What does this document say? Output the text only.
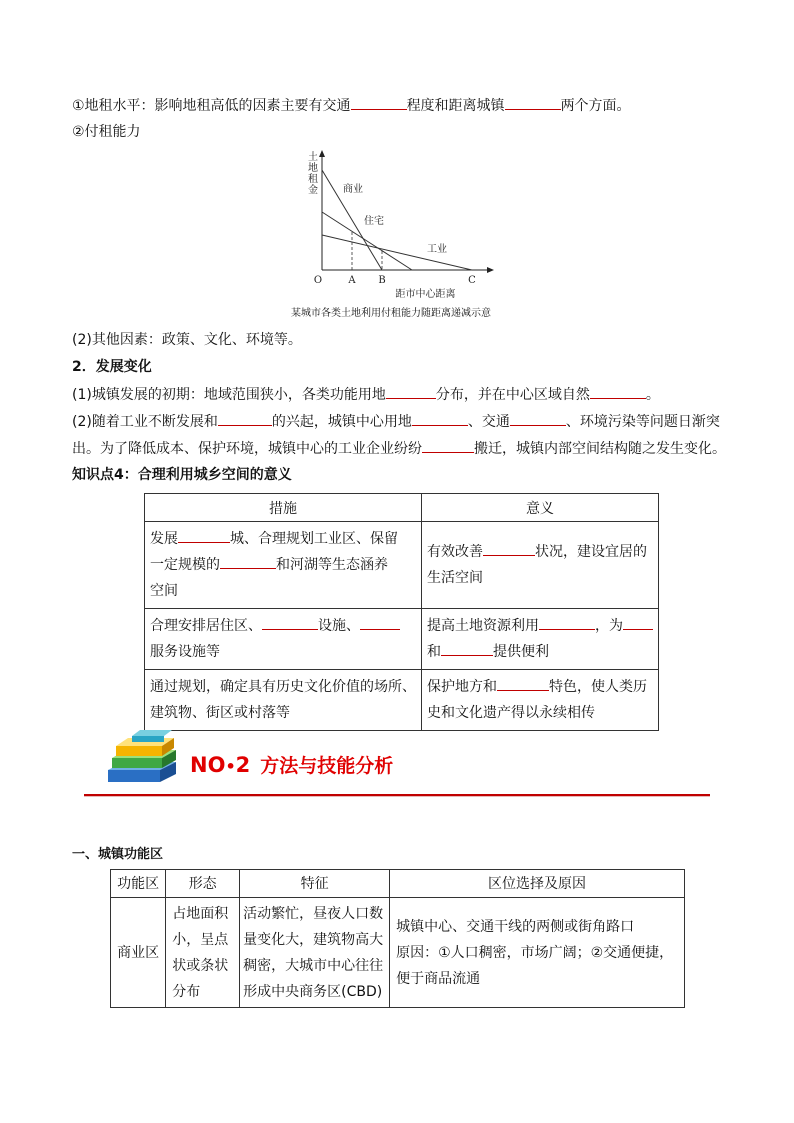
①地租水平：影响地租高低的因素主要有交通	程度和距离城镇	两个方面。
②付租能力
土
地
租
金	商业
住宅
工业
O	A B	C
距市中心距离
某城市各类土地利用付租能力随距离递减示意
(2)其他因素：政策、文化、环境等。
2．发展变化
(1)城镇发展的初期：地域范围狭小，各类功能用地	分布，并在中心区域自然	。
(2)随着工业不断发展和	的兴起，城镇中心用地	、交通	、环境污染等问题日渐突
出。为了降低成本、保护环境，城镇中心的工业企业纷纷	搬迁，城镇内部空间结构随之发生变化。
知识点4：合理利用城乡空间的意义
措施	意义

发展 城、合理规划工业区、保留
一定规模的 和河湖等生态涵养
空间	有效改善 状况，建设宜居的
生活空间

合理安排居住区、 设施、
服务设施等	提高土地资源利用 ，为
和 提供便利

通过规划，确定具有历史文化价值的场所、
建筑物、街区或村落等	保护地方和 特色，使人类历
史和文化遗产得以永续相传
NO•2 方法与技能分析
一、城镇功能区
功能区	形态	特征	区位选择及原因
商业区	占地面积
小，呈点
状或条状
分布	活动繁忙，昼夜人口数
量变化大，建筑物高大
稠密，大城市中心往往
形成中央商务区(CBD)	城镇中心、交通干线的两侧或街角路口
原因：①人口稠密，市场广阔；②交通便捷，
便于商品流通
